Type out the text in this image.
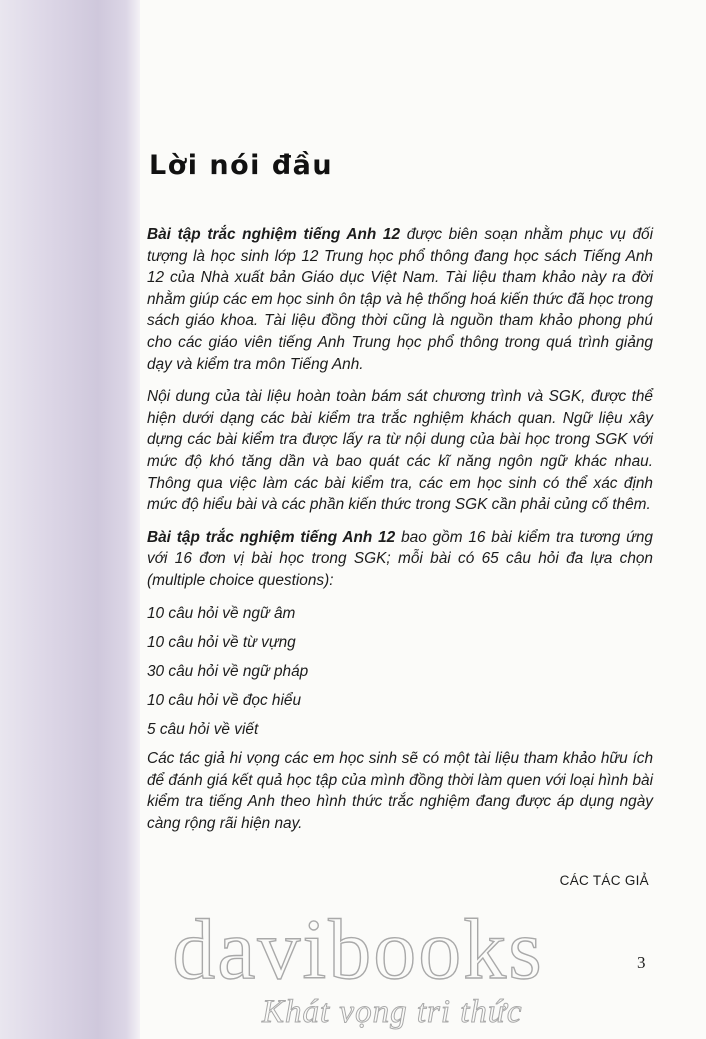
Lời nói đầu

Bài tập trắc nghiệm tiếng Anh 12 được biên soạn nhằm phục vụ đối tượng là học sinh lớp 12 Trung học phổ thông đang học sách Tiếng Anh 12 của Nhà xuất bản Giáo dục Việt Nam. Tài liệu tham khảo này ra đời nhằm giúp các em học sinh ôn tập và hệ thống hoá kiến thức đã học trong sách giáo khoa. Tài liệu đồng thời cũng là nguồn tham khảo phong phú cho các giáo viên tiếng Anh Trung học phổ thông trong quá trình giảng dạy và kiểm tra môn Tiếng Anh.

Nội dung của tài liệu hoàn toàn bám sát chương trình và SGK, được thể hiện dưới dạng các bài kiểm tra trắc nghiệm khách quan. Ngữ liệu xây dựng các bài kiểm tra được lấy ra từ nội dung của bài học trong SGK với mức độ khó tăng dần và bao quát các kĩ năng ngôn ngữ khác nhau. Thông qua việc làm các bài kiểm tra, các em học sinh có thể xác định mức độ hiểu bài và các phần kiến thức trong SGK cần phải củng cố thêm.

Bài tập trắc nghiệm tiếng Anh 12 bao gồm 16 bài kiểm tra tương ứng với 16 đơn vị bài học trong SGK; mỗi bài có 65 câu hỏi đa lựa chọn (multiple choice questions):

10 câu hỏi về ngữ âm

10 câu hỏi về từ vựng

30 câu hỏi về ngữ pháp

10 câu hỏi về đọc hiểu

5 câu hỏi về viết

Các tác giả hi vọng các em học sinh sẽ có một tài liệu tham khảo hữu ích để đánh giá kết quả học tập của mình đồng thời làm quen với loại hình bài kiểm tra tiếng Anh theo hình thức trắc nghiệm đang được áp dụng ngày càng rộng rãi hiện nay.

CÁC TÁC GIẢ
3
davibooks
Khát vọng tri thức
